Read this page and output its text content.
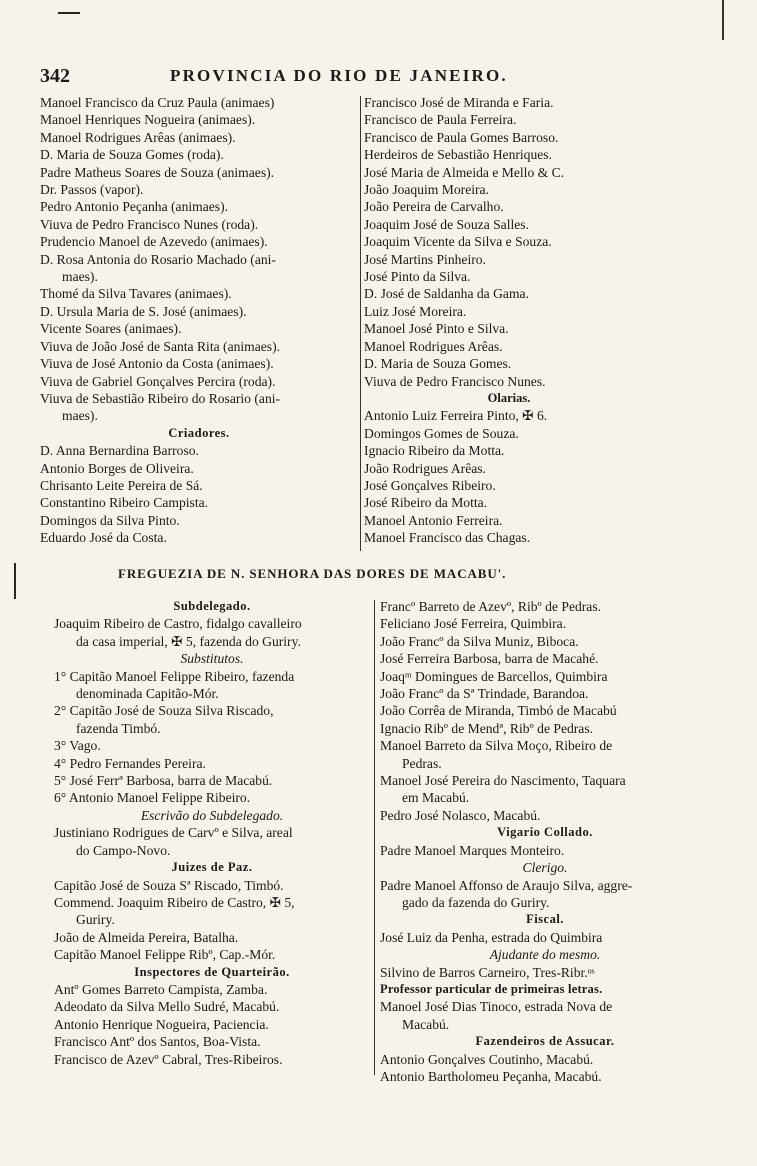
342	PROVINCIA DO RIO DE JANEIRO.
Manoel Francisco da Cruz Paula (animaes)
Manoel Henriques Nogueira (animaes).
Manoel Rodrigues Arêas (animaes).
D. Maria de Souza Gomes (roda).
Padre Matheus Soares de Souza (animaes).
Dr. Passos (vapor).
Pedro Antonio Peçanha (animaes).
Viuva de Pedro Francisco Nunes (roda).
Prudencio Manoel de Azevedo (animaes).
D. Rosa Antonia do Rosario Machado (ani-
maes).
Thomé da Silva Tavares (animaes).
D. Ursula Maria de S. José (animaes).
Vicente Soares (animaes).
Viuva de João José de Santa Rita (animaes).
Viuva de José Antonio da Costa (animaes).
Viuva de Gabriel Gonçalves Percira (roda).
Viuva de Sebastião Ribeiro do Rosario (ani-
maes).
Criadores.
D. Anna Bernardina Barroso.
Antonio Borges de Oliveira.
Chrisanto Leite Pereira de Sá.
Constantino Ribeiro Campista.
Domingos da Silva Pinto.
Eduardo José da Costa.
Francisco José de Miranda e Faria.
Francisco de Paula Ferreira.
Francisco de Paula Gomes Barroso.
Herdeiros de Sebastião Henriques.
José Maria de Almeida e Mello & C.
João Joaquim Moreira.
João Pereira de Carvalho.
Joaquim José de Souza Salles.
Joaquim Vicente da Silva e Souza.
José Martins Pinheiro.
José Pinto da Silva.
D. José de Saldanha da Gama.
Luiz José Moreira.
Manoel José Pinto e Silva.
Manoel Rodrigues Arêas.
D. Maria de Souza Gomes.
Viuva de Pedro Francisco Nunes.
Olarias.
Antonio Luiz Ferreira Pinto, ✠ 6.
Domingos Gomes de Souza.
Ignacio Ribeiro da Motta.
João Rodrigues Arêas.
José Gonçalves Ribeiro.
José Ribeiro da Motta.
Manoel Antonio Ferreira.
Manoel Francisco das Chagas.
FREGUEZIA DE N. SENHORA DAS DORES DE MACABU'.
Subdelegado.
Joaquim Ribeiro de Castro, fidalgo cavalleiro
da casa imperial, ✠ 5, fazenda do Guriry.
Substitutos.
1° Capitão Manoel Felippe Ribeiro, fazenda
denominada Capitão-Mór.
2° Capitão José de Souza Silva Riscado,
fazenda Timbó.
3° Vago.
4° Pedro Fernandes Pereira.
5° José Ferrª Barbosa, barra de Macabú.
6° Antonio Manoel Felippe Ribeiro.
Escrivão do Subdelegado.
Justiniano Rodrigues de Carvº e Silva, areal
do Campo-Novo.
Juizes de Paz.
Capitão José de Souza Sª Riscado, Timbó.
Commend. Joaquim Ribeiro de Castro, ✠ 5,
Guriry.
João de Almeida Pereira, Batalha.
Capitão Manoel Felippe Ribº, Cap.-Mór.
Inspectores de Quarteirão.
Antº Gomes Barreto Campista, Zamba.
Adeodato da Silva Mello Sudré, Macabú.
Antonio Henrique Nogueira, Paciencia.
Francisco Antº dos Santos, Boa-Vista.
Francisco de Azevº Cabral, Tres-Ribeiros.
Francº Barreto de Azevº, Ribº de Pedras.
Feliciano José Ferreira, Quimbira.
João Francº da Silva Muniz, Biboca.
José Ferreira Barbosa, barra de Macahé.
Joaqᵐ Domingues de Barcellos, Quimbira
João Francº da Sª Trindade, Barandoa.
João Corrêa de Miranda, Timbó de Macabú
Ignacio Ribº de Mendª, Ribº de Pedras.
Manoel Barreto da Silva Moço, Ribeiro de
Pedras.
Manoel José Pereira do Nascimento, Taquara
em Macabú.
Pedro José Nolasco, Macabú.
Vigario Collado.
Padre Manoel Marques Monteiro.
Clerigo.
Padre Manoel Affonso de Araujo Silva, aggre-
gado da fazenda do Guriry.
Fiscal.
José Luiz da Penha, estrada do Quimbira
Ajudante do mesmo.
Silvino de Barros Carneiro, Tres-Ribr.ᵒˢ
Professor particular de primeiras letras.
Manoel José Dias Tinoco, estrada Nova de
Macabú.
Fazendeiros de Assucar.
Antonio Gonçalves Coutinho, Macabú.
Antonio Bartholomeu Peçanha, Macabú.
